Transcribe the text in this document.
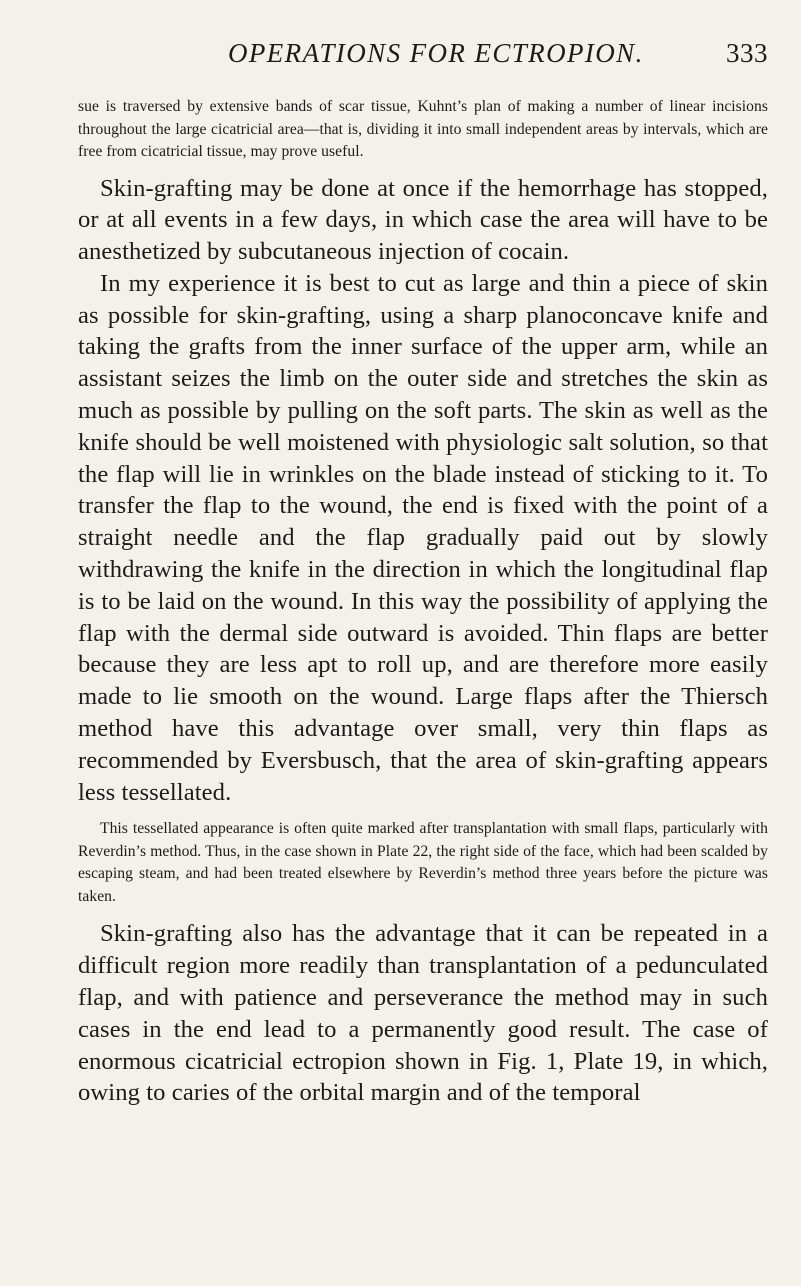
OPERATIONS FOR ECTROPION.	333

sue is traversed by extensive bands of scar tissue, Kuhnt’s plan of making a number of linear incisions throughout the large cicatricial area—that is, dividing it into small independent areas by intervals, which are free from cicatricial tissue, may prove useful.

Skin-grafting may be done at once if the hemorrhage has stopped, or at all events in a few days, in which case the area will have to be anesthetized by subcutaneous injection of cocain.

In my experience it is best to cut as large and thin a piece of skin as possible for skin-grafting, using a sharp planoconcave knife and taking the grafts from the inner surface of the upper arm, while an assistant seizes the limb on the outer side and stretches the skin as much as possible by pulling on the soft parts. The skin as well as the knife should be well moistened with physiologic salt solution, so that the flap will lie in wrinkles on the blade instead of sticking to it. To transfer the flap to the wound, the end is fixed with the point of a straight needle and the flap gradually paid out by slowly withdrawing the knife in the direction in which the longitudinal flap is to be laid on the wound. In this way the possibility of applying the flap with the dermal side outward is avoided. Thin flaps are better because they are less apt to roll up, and are therefore more easily made to lie smooth on the wound. Large flaps after the Thiersch method have this advantage over small, very thin flaps as recommended by Eversbusch, that the area of skin-grafting appears less tessellated.

This tessellated appearance is often quite marked after transplantation with small flaps, particularly with Reverdin’s method. Thus, in the case shown in Plate 22, the right side of the face, which had been scalded by escaping steam, and had been treated elsewhere by Reverdin’s method three years before the picture was taken.

Skin-grafting also has the advantage that it can be repeated in a difficult region more readily than transplantation of a pedunculated flap, and with patience and perseverance the method may in such cases in the end lead to a permanently good result. The case of enormous cicatricial ectropion shown in Fig. 1, Plate 19, in which, owing to caries of the orbital margin and of the temporal
